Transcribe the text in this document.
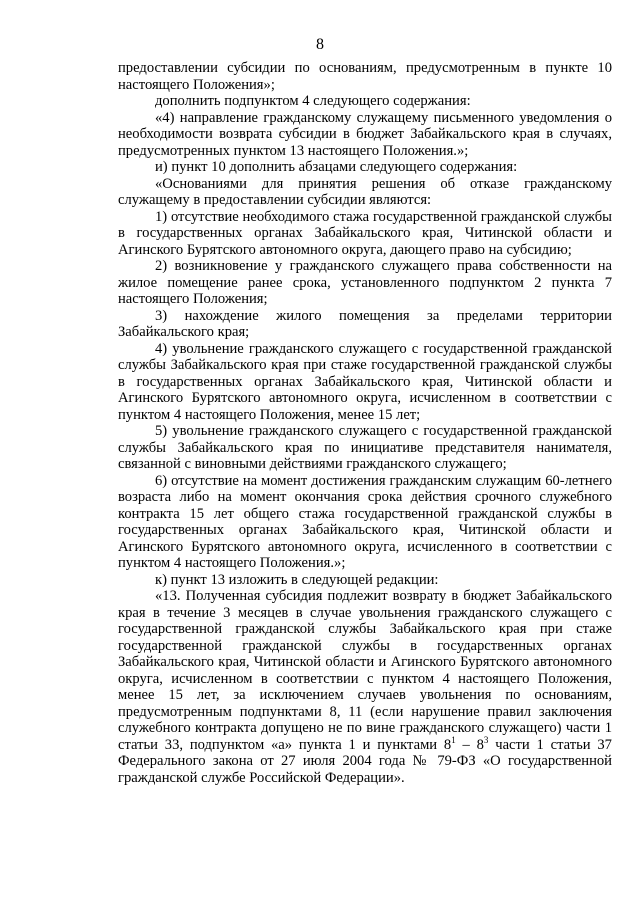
8

предоставлении субсидии по основаниям, предусмотренным в пункте 10 настоящего Положения»;

дополнить подпунктом 4 следующего содержания:

«4) направление гражданскому служащему письменного уведомления о необходимости возврата субсидии в бюджет Забайкальского края в случаях, предусмотренных пунктом 13 настоящего Положения.»;

и) пункт 10 дополнить абзацами следующего содержания:

«Основаниями для принятия решения об отказе гражданскому служащему в предоставлении субсидии являются:

1) отсутствие необходимого стажа государственной гражданской службы в государственных органах Забайкальского края, Читинской области и Агинского Бурятского автономного округа, дающего право на субсидию;

2) возникновение у гражданского служащего права собственности на жилое помещение ранее срока, установленного подпунктом 2 пункта 7 настоящего Положения;

3) нахождение жилого помещения за пределами территории Забайкальского края;

4) увольнение гражданского служащего с государственной гражданской службы Забайкальского края при стаже государственной гражданской службы в государственных органах Забайкальского края, Читинской области и Агинского Бурятского автономного округа, исчисленном в соответствии с пунктом 4 настоящего Положения, менее 15 лет;

5) увольнение гражданского служащего с государственной гражданской службы Забайкальского края по инициативе представителя нанимателя, связанной с виновными действиями гражданского служащего;

6) отсутствие на момент достижения гражданским служащим 60-летнего возраста либо на момент окончания срока действия срочного служебного контракта 15 лет общего стажа государственной гражданской службы в государственных органах Забайкальского края, Читинской области и Агинского Бурятского автономного округа, исчисленного в соответствии с пунктом 4 настоящего Положения.»;

к) пункт 13 изложить в следующей редакции:

«13. Полученная субсидия подлежит возврату в бюджет Забайкальского края в течение 3 месяцев в случае увольнения гражданского служащего с государственной гражданской службы Забайкальского края при стаже государственной гражданской службы в государственных органах Забайкальского края, Читинской области и Агинского Бурятского автономного округа, исчисленном в соответствии с пунктом 4 настоящего Положения, менее 15 лет, за исключением случаев увольнения по основаниям, предусмотренным подпунктами 8, 11 (если нарушение правил заключения служебного контракта допущено не по вине гражданского служащего) части 1 статьи 33, подпунктом «а» пункта 1 и пунктами $8^1 - 8^3$ части 1 статьи 37 Федерального закона от 27 июля 2004 года № 79-ФЗ «О государственной гражданской службе Российской Федерации».
